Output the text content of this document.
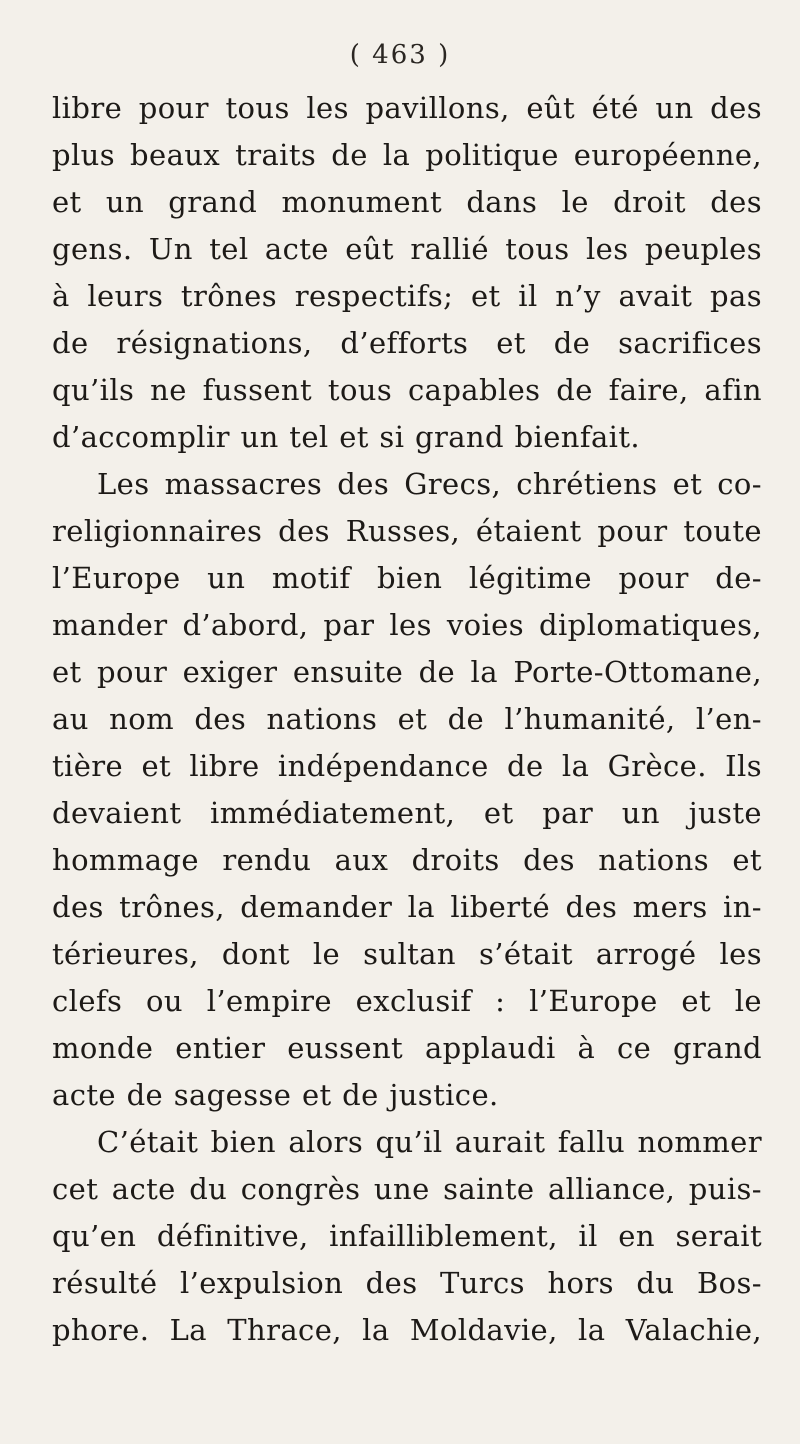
( 463 )
libre pour tous les pavillons, eût été un des
plus beaux traits de la politique européenne,
et un grand monument dans le droit des
gens. Un tel acte eût rallié tous les peuples
à leurs trônes respectifs; et il n’y avait pas
de résignations, d’efforts et de sacrifices
qu’ils ne fussent tous capables de faire, afin
d’accomplir un tel et si grand bienfait.
Les massacres des Grecs, chrétiens et co-
religionnaires des Russes, étaient pour toute
l’Europe un motif bien légitime pour de-
mander d’abord, par les voies diplomatiques,
et pour exiger ensuite de la Porte-Ottomane,
au nom des nations et de l’humanité, l’en-
tière et libre indépendance de la Grèce. Ils
devaient immédiatement, et par un juste
hommage rendu aux droits des nations et
des trônes, demander la liberté des mers in-
térieures, dont le sultan s’était arrogé les
clefs ou l’empire exclusif : l’Europe et le
monde entier eussent applaudi à ce grand
acte de sagesse et de justice.
C’était bien alors qu’il aurait fallu nommer
cet acte du congrès une sainte alliance, puis-
qu’en définitive, infailliblement, il en serait
résulté l’expulsion des Turcs hors du Bos-
phore. La Thrace, la Moldavie, la Valachie,
